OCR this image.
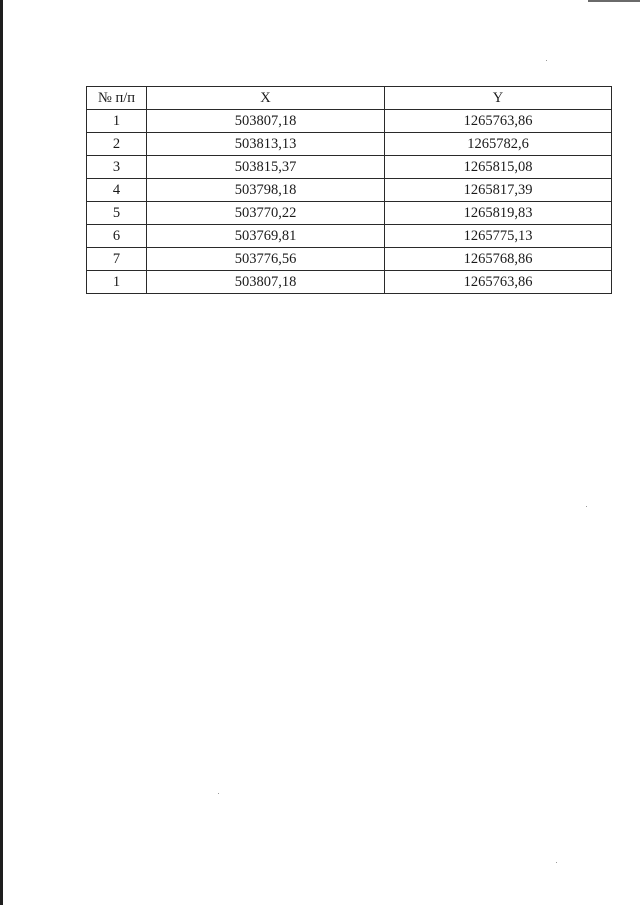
№ п/п	X	Y
1	503807,18	1265763,86
2	503813,13	1265782,6
3	503815,37	1265815,08
4	503798,18	1265817,39
5	503770,22	1265819,83
6	503769,81	1265775,13
7	503776,56	1265768,86
1	503807,18	1265763,86
